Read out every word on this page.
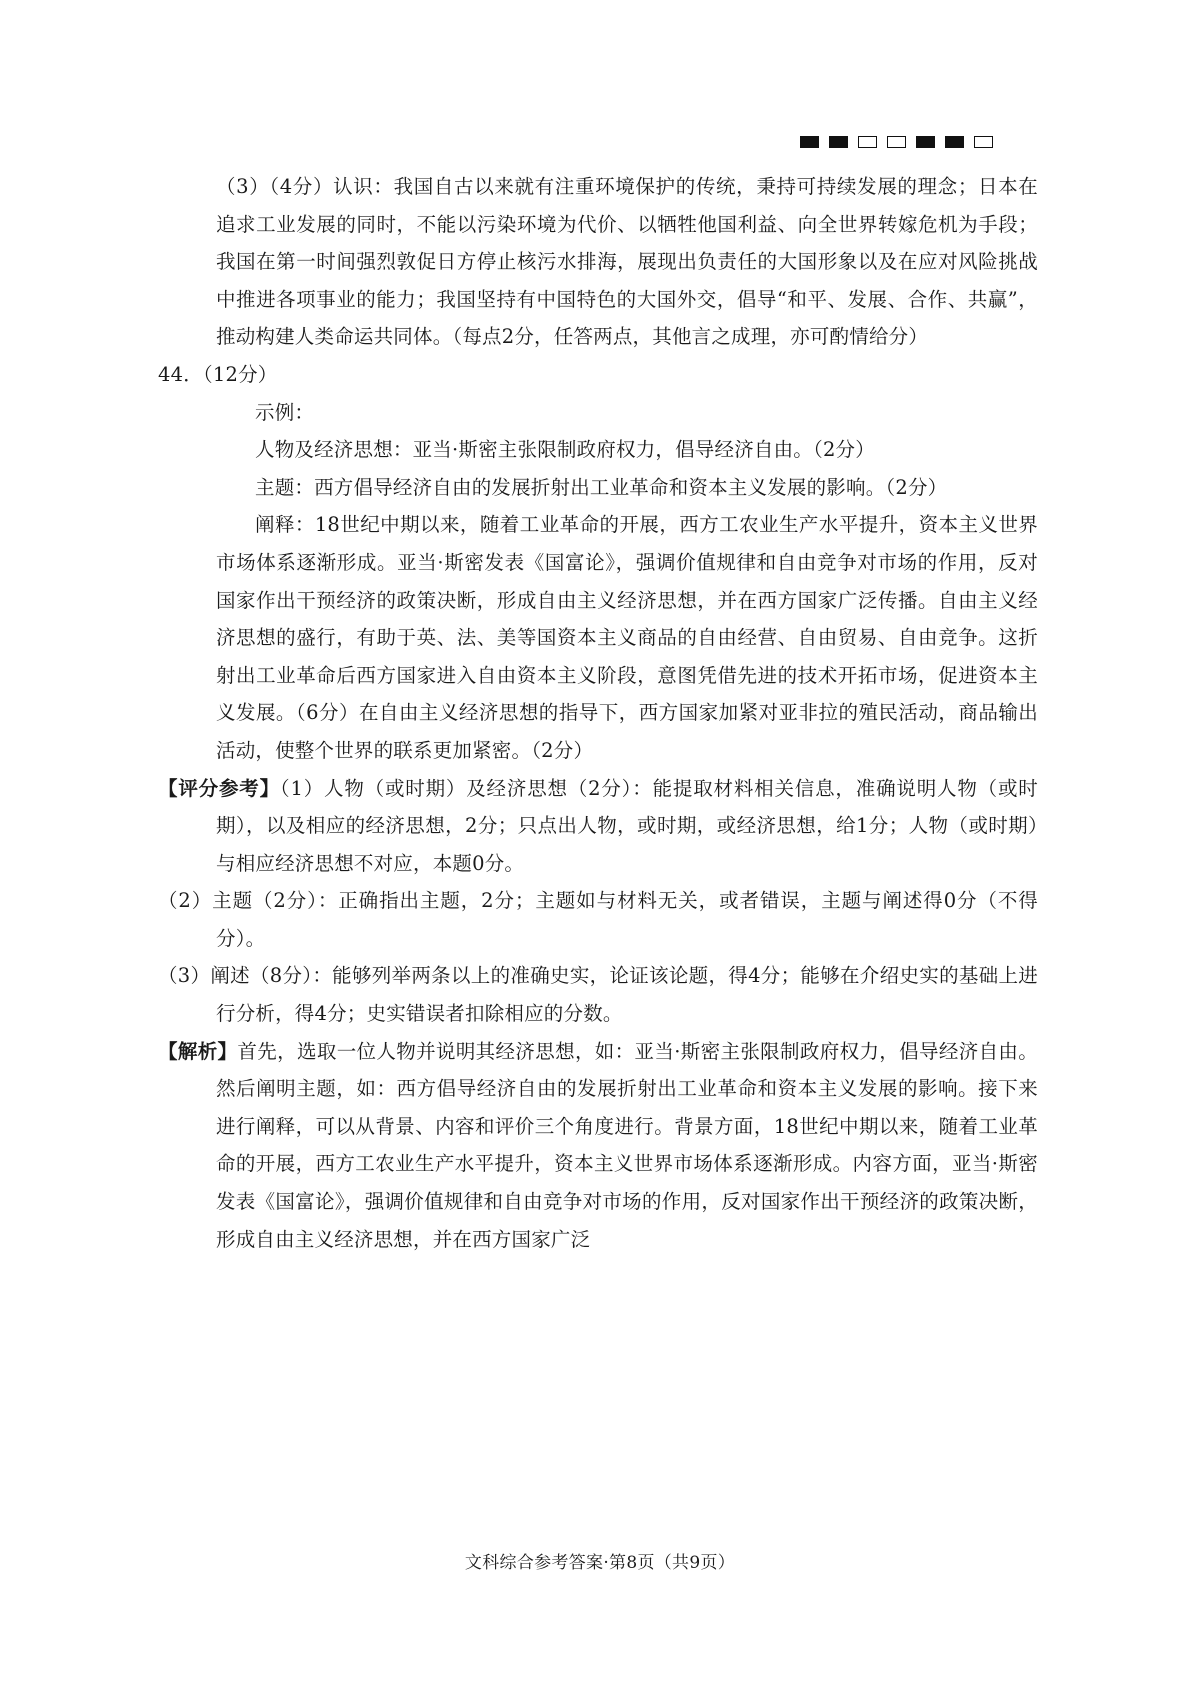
（3）（4分）认识：我国自古以来就有注重环境保护的传统，秉持可持续发展的理念；日本在追求工业发展的同时，不能以污染环境为代价、以牺牲他国利益、向全世界转嫁危机为手段；我国在第一时间强烈敦促日方停止核污水排海，展现出负责任的大国形象以及在应对风险挑战中推进各项事业的能力；我国坚持有中国特色的大国外交，倡导“和平、发展、合作、共赢”，推动构建人类命运共同体。（每点2分，任答两点，其他言之成理，亦可酌情给分）

44．（12分）

示例：

人物及经济思想：亚当·斯密主张限制政府权力，倡导经济自由。（2分）

主题：西方倡导经济自由的发展折射出工业革命和资本主义发展的影响。（2分）

阐释：18世纪中期以来，随着工业革命的开展，西方工农业生产水平提升，资本主义世界市场体系逐渐形成。亚当·斯密发表《国富论》，强调价值规律和自由竞争对市场的作用，反对国家作出干预经济的政策决断，形成自由主义经济思想，并在西方国家广泛传播。自由主义经济思想的盛行，有助于英、法、美等国资本主义商品的自由经营、自由贸易、自由竞争。这折射出工业革命后西方国家进入自由资本主义阶段，意图凭借先进的技术开拓市场，促进资本主义发展。（6分）在自由主义经济思想的指导下，西方国家加紧对亚非拉的殖民活动，商品输出活动，使整个世界的联系更加紧密。（2分）

【评分参考】（1）人物（或时期）及经济思想（2分）：能提取材料相关信息，准确说明人物（或时期），以及相应的经济思想，2分；只点出人物，或时期，或经济思想，给1分；人物（或时期）与相应经济思想不对应，本题0分。

（2）主题（2分）：正确指出主题，2分；主题如与材料无关，或者错误，主题与阐述得0分（不得分）。

（3）阐述（8分）：能够列举两条以上的准确史实，论证该论题，得4分；能够在介绍史实的基础上进行分析，得4分；史实错误者扣除相应的分数。

【解析】首先，选取一位人物并说明其经济思想，如：亚当·斯密主张限制政府权力，倡导经济自由。然后阐明主题，如：西方倡导经济自由的发展折射出工业革命和资本主义发展的影响。接下来进行阐释，可以从背景、内容和评价三个角度进行。背景方面，18世纪中期以来，随着工业革命的开展，西方工农业生产水平提升，资本主义世界市场体系逐渐形成。内容方面，亚当·斯密发表《国富论》，强调价值规律和自由竞争对市场的作用，反对国家作出干预经济的政策决断，形成自由主义经济思想，并在西方国家广泛

文科综合参考答案·第8页（共9页）
